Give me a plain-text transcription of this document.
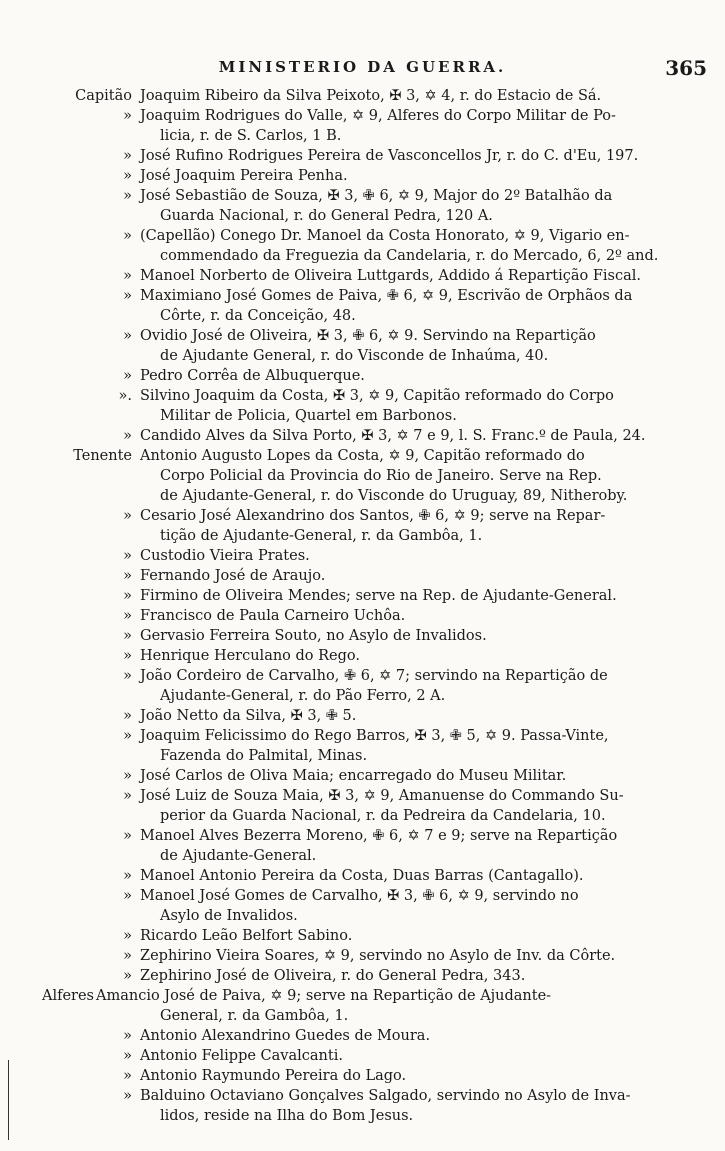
MINISTERIO DA GUERRA.	365
Capitão Joaquim Ribeiro da Silva Peixoto, ✠ 3, ✡ 4, r. do Estacio de Sá.
» Joaquim Rodrigues do Valle, ✡ 9, Alferes do Corpo Militar de Po-
licia, r. de S. Carlos, 1 B.
» José Rufino Rodrigues Pereira de Vasconcellos Jr, r. do C. d'Eu, 197.
» José Joaquim Pereira Penha.
» José Sebastião de Souza, ✠ 3, ✙ 6, ✡ 9, Major do 2º Batalhão da
Guarda Nacional, r. do General Pedra, 120 A.
» (Capellão) Conego Dr. Manoel da Costa Honorato, ✡ 9, Vigario en-
commendado da Freguezia da Candelaria, r. do Mercado, 6, 2º and.
» Manoel Norberto de Oliveira Luttgards, Addido á Repartição Fiscal.
» Maximiano José Gomes de Paiva, ✙ 6, ✡ 9, Escrivão de Orphãos da
Côrte, r. da Conceição, 48.
» Ovidio José de Oliveira, ✠ 3, ✙ 6, ✡ 9. Servindo na Repartição
de Ajudante General, r. do Visconde de Inhaúma, 40.
» Pedro Corrêa de Albuquerque.
». Silvino Joaquim da Costa, ✠ 3, ✡ 9, Capitão reformado do Corpo
Militar de Policia, Quartel em Barbonos.
» Candido Alves da Silva Porto, ✠ 3, ✡ 7 e 9, l. S. Franc.º de Paula, 24.
Tenente Antonio Augusto Lopes da Costa, ✡ 9, Capitão reformado do
Corpo Policial da Provincia do Rio de Janeiro. Serve na Rep.
de Ajudante-General, r. do Visconde do Uruguay, 89, Nitheroby.
» Cesario José Alexandrino dos Santos, ✙ 6, ✡ 9; serve na Repar-
tição de Ajudante-General, r. da Gambôa, 1.
» Custodio Vieira Prates.
» Fernando José de Araujo.
» Firmino de Oliveira Mendes; serve na Rep. de Ajudante-General.
» Francisco de Paula Carneiro Uchôa.
» Gervasio Ferreira Souto, no Asylo de Invalidos.
» Henrique Herculano do Rego.
» João Cordeiro de Carvalho, ✙ 6, ✡ 7; servindo na Repartição de
Ajudante-General, r. do Pão Ferro, 2 A.
» João Netto da Silva, ✠ 3, ✙ 5.
» Joaquim Felicissimo do Rego Barros, ✠ 3, ✙ 5, ✡ 9. Passa-Vinte,
Fazenda do Palmital, Minas.
» José Carlos de Oliva Maia; encarregado do Museu Militar.
» José Luiz de Souza Maia, ✠ 3, ✡ 9, Amanuense do Commando Su-
perior da Guarda Nacional, r. da Pedreira da Candelaria, 10.
» Manoel Alves Bezerra Moreno, ✙ 6, ✡ 7 e 9; serve na Repartição
de Ajudante-General.
» Manoel Antonio Pereira da Costa, Duas Barras (Cantagallo).
» Manoel José Gomes de Carvalho, ✠ 3, ✙ 6, ✡ 9, servindo no
Asylo de Invalidos.
» Ricardo Leão Belfort Sabino.
» Zephirino Vieira Soares, ✡ 9, servindo no Asylo de Inv. da Côrte.
» Zephirino José de Oliveira, r. do General Pedra, 343.
Alferes Amancio José de Paiva, ✡ 9; serve na Repartição de Ajudante-
General, r. da Gambôa, 1.
» Antonio Alexandrino Guedes de Moura.
» Antonio Felippe Cavalcanti.
» Antonio Raymundo Pereira do Lago.
» Balduino Octaviano Gonçalves Salgado, servindo no Asylo de Inva-
lidos, reside na Ilha do Bom Jesus.
